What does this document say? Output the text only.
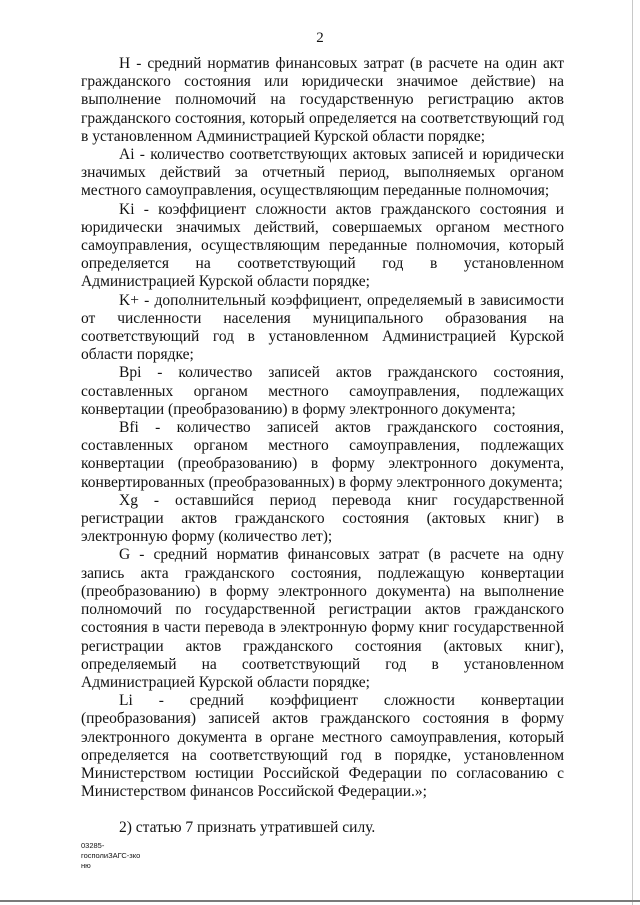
2

Н - средний норматив финансовых затрат (в расчете на один акт гражданского состояния или юридически значимое действие) на выполнение полномочий на государственную регистрацию актов гражданского состояния, который определяется на соответствующий год в установленном Администрацией Курской области порядке;

Ai - количество соответствующих актовых записей и юридически значимых действий за отчетный период, выполняемых органом местного самоуправления, осуществляющим переданные полномочия;

Ki - коэффициент сложности актов гражданского состояния и юридически значимых действий, совершаемых органом местного самоуправления, осуществляющим переданные полномочия, который определяется на соответствующий год в установленном Администрацией Курской области порядке;

K+ - дополнительный коэффициент, определяемый в зависимости от численности населения муниципального образования на соответствующий год в установленном Администрацией Курской области порядке;

Bpi - количество записей актов гражданского состояния, составленных органом местного самоуправления, подлежащих конвертации (преобразованию) в форму электронного документа;

Bfi - количество записей актов гражданского состояния, составленных органом местного самоуправления, подлежащих конвертации (преобразованию) в форму электронного документа, конвертированных (преобразованных) в форму электронного документа;

Xg - оставшийся период перевода книг государственной регистрации актов гражданского состояния (актовых книг) в электронную форму (количество лет);

G - средний норматив финансовых затрат (в расчете на одну запись акта гражданского состояния, подлежащую конвертации (преобразованию) в форму электронного документа) на выполнение полномочий по государственной регистрации актов гражданского состояния в части перевода в электронную форму книг государственной регистрации актов гражданского состояния (актовых книг), определяемый на соответствующий год в установленном Администрацией Курской области порядке;

Li - средний коэффициент сложности конвертации (преобразования) записей актов гражданского состояния в форму электронного документа в органе местного самоуправления, который определяется на соответствующий год в порядке, установленном Министерством юстиции Российской Федерации по согласованию с Министерством финансов Российской Федерации.»;

2) статью 7 признать утратившей силу.

03285-госполиЗАГС-зко ню
